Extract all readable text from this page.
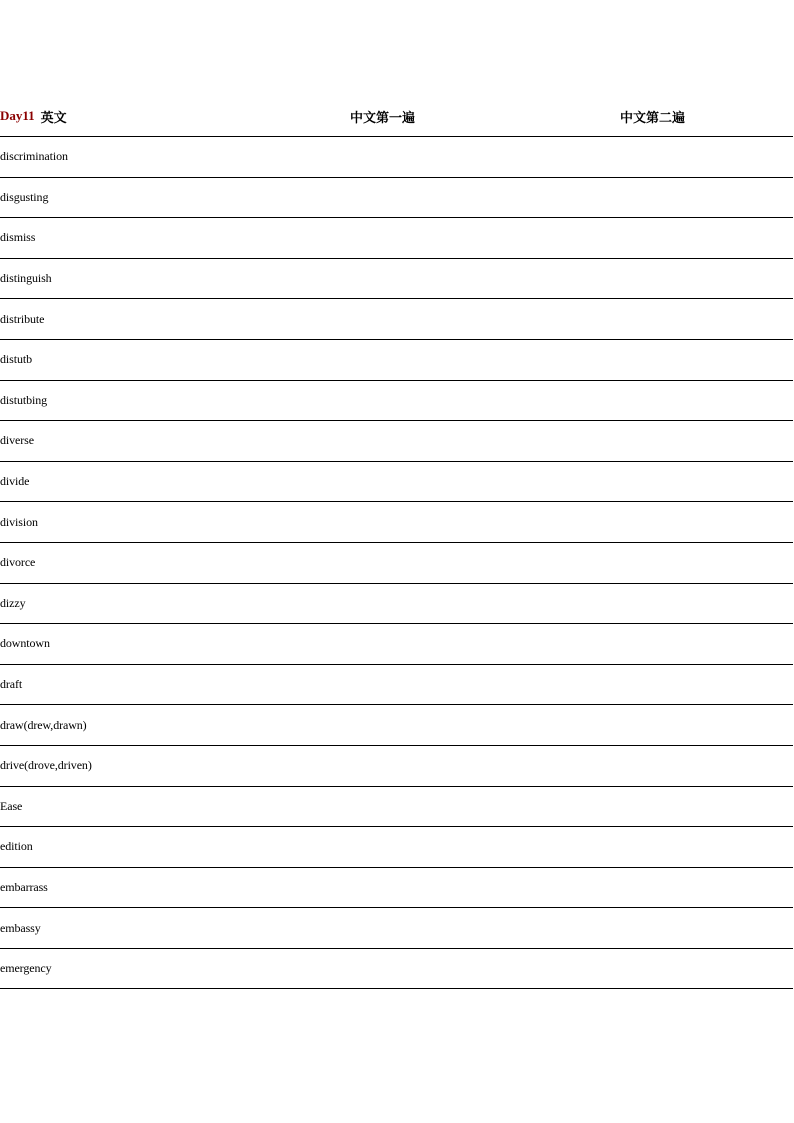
Day11 英文	中文第一遍	中文第二遍
discrimination
disgusting
dismiss
distinguish
distribute
distutb
distutbing
diverse
divide
division
divorce
dizzy
downtown
draft
draw(drew,drawn)
drive(drove,driven)
Ease
edition
embarrass
embassy
emergency
